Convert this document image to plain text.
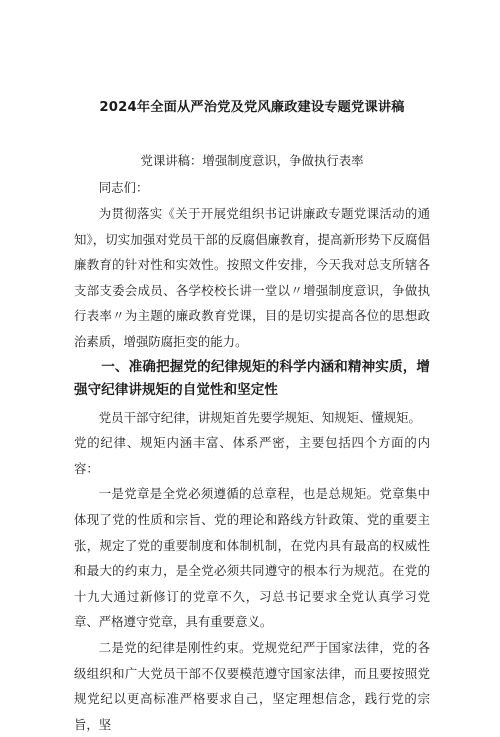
2024年全面从严治党及党风廉政建设专题党课讲稿
党课讲稿：增强制度意识，争做执行表率

同志们：

为贯彻落实《关于开展党组织书记讲廉政专题党课活动的通知》，切实加强对党员干部的反腐倡廉教育，提高新形势下反腐倡廉教育的针对性和实效性。按照文件安排，今天我对总支所辖各支部支委会成员、各学校校长讲一堂以〃增强制度意识，争做执行表率〃为主题的廉政教育党课，目的是切实提高各位的思想政治素质，增强防腐拒变的能力。

一、准确把握党的纪律规矩的科学内涵和精神实质，增强守纪律讲规矩的自觉性和坚定性

党员干部守纪律，讲规矩首先要学规矩、知规矩、懂规矩。

党的纪律、规矩内涵丰富、体系严密，主要包括四个方面的内容：

一是党章是全党必须遵循的总章程，也是总规矩。党章集中体现了党的性质和宗旨、党的理论和路线方针政策、党的重要主张，规定了党的重要制度和体制机制，在党内具有最高的权威性和最大的约束力，是全党必须共同遵守的根本行为规范。在党的十九大通过新修订的党章不久，习总书记要求全党认真学习党章、严格遵守党章，具有重要意义。

二是党的纪律是刚性约束。党规党纪严于国家法律，党的各级组织和广大党员干部不仅要模范遵守国家法律，而且要按照党规党纪以更高标准严格要求自己，坚定理想信念，践行党的宗旨，坚
